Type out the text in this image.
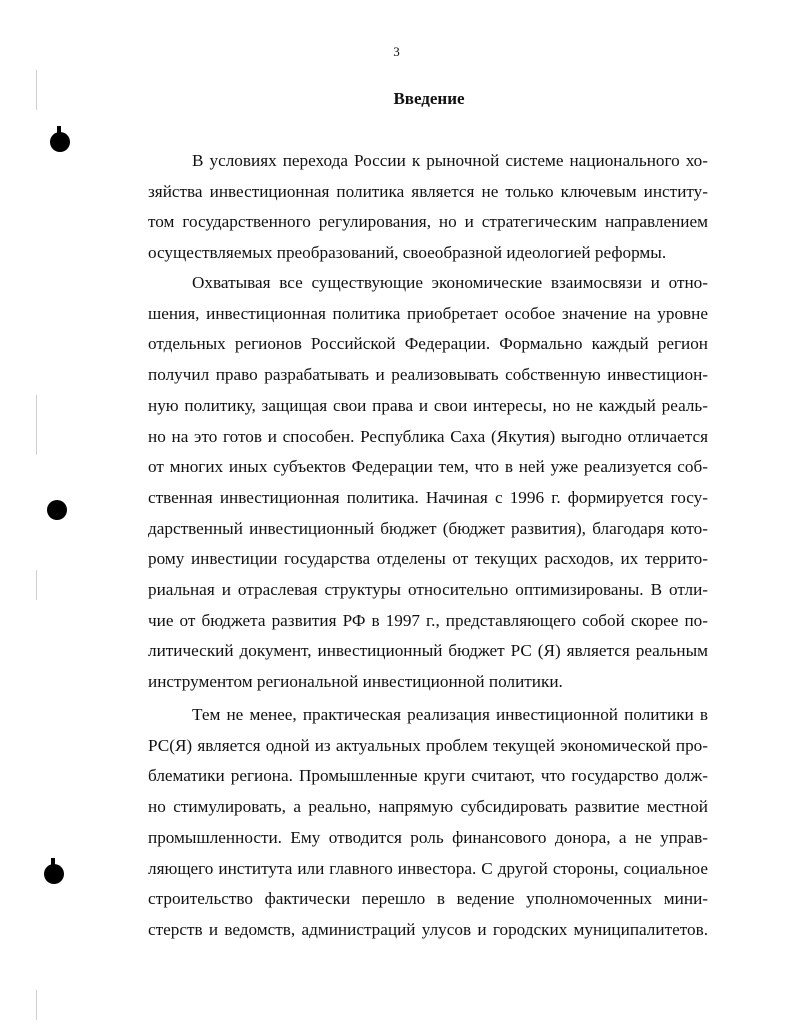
3
Введение
В условиях перехода России к рыночной системе национального хо-
зяйства инвестиционная политика является не только ключевым институ-
том государственного регулирования, но и стратегическим направлением
осуществляемых преобразований, своеобразной идеологией реформы.
Охватывая все существующие экономические взаимосвязи и отно-
шения, инвестиционная политика приобретает особое значение на уровне
отдельных регионов Российской Федерации. Формально каждый регион
получил право разрабатывать и реализовывать собственную инвестицион-
ную политику, защищая свои права и свои интересы, но не каждый реаль-
но на это готов и способен. Республика Саха (Якутия) выгодно отличается
от многих иных субъектов Федерации тем, что в ней уже реализуется соб-
ственная инвестиционная политика. Начиная с 1996 г. формируется госу-
дарственный инвестиционный бюджет (бюджет развития), благодаря кото-
рому инвестиции государства отделены от текущих расходов, их террито-
риальная и отраслевая структуры относительно оптимизированы. В отли-
чие от бюджета развития РФ в 1997 г., представляющего собой скорее по-
литический документ, инвестиционный бюджет РС (Я) является реальным
инструментом региональной инвестиционной политики.
Тем не менее, практическая реализация инвестиционной политики в
РС(Я) является одной из актуальных проблем текущей экономической про-
блематики региона. Промышленные круги считают, что государство долж-
но стимулировать, а реально, напрямую субсидировать развитие местной
промышленности. Ему отводится роль финансового донора, а не управ-
ляющего института или главного инвестора. С другой стороны, социальное
строительство фактически перешло в ведение уполномоченных мини-
стерств и ведомств, администраций улусов и городских муниципалитетов.
